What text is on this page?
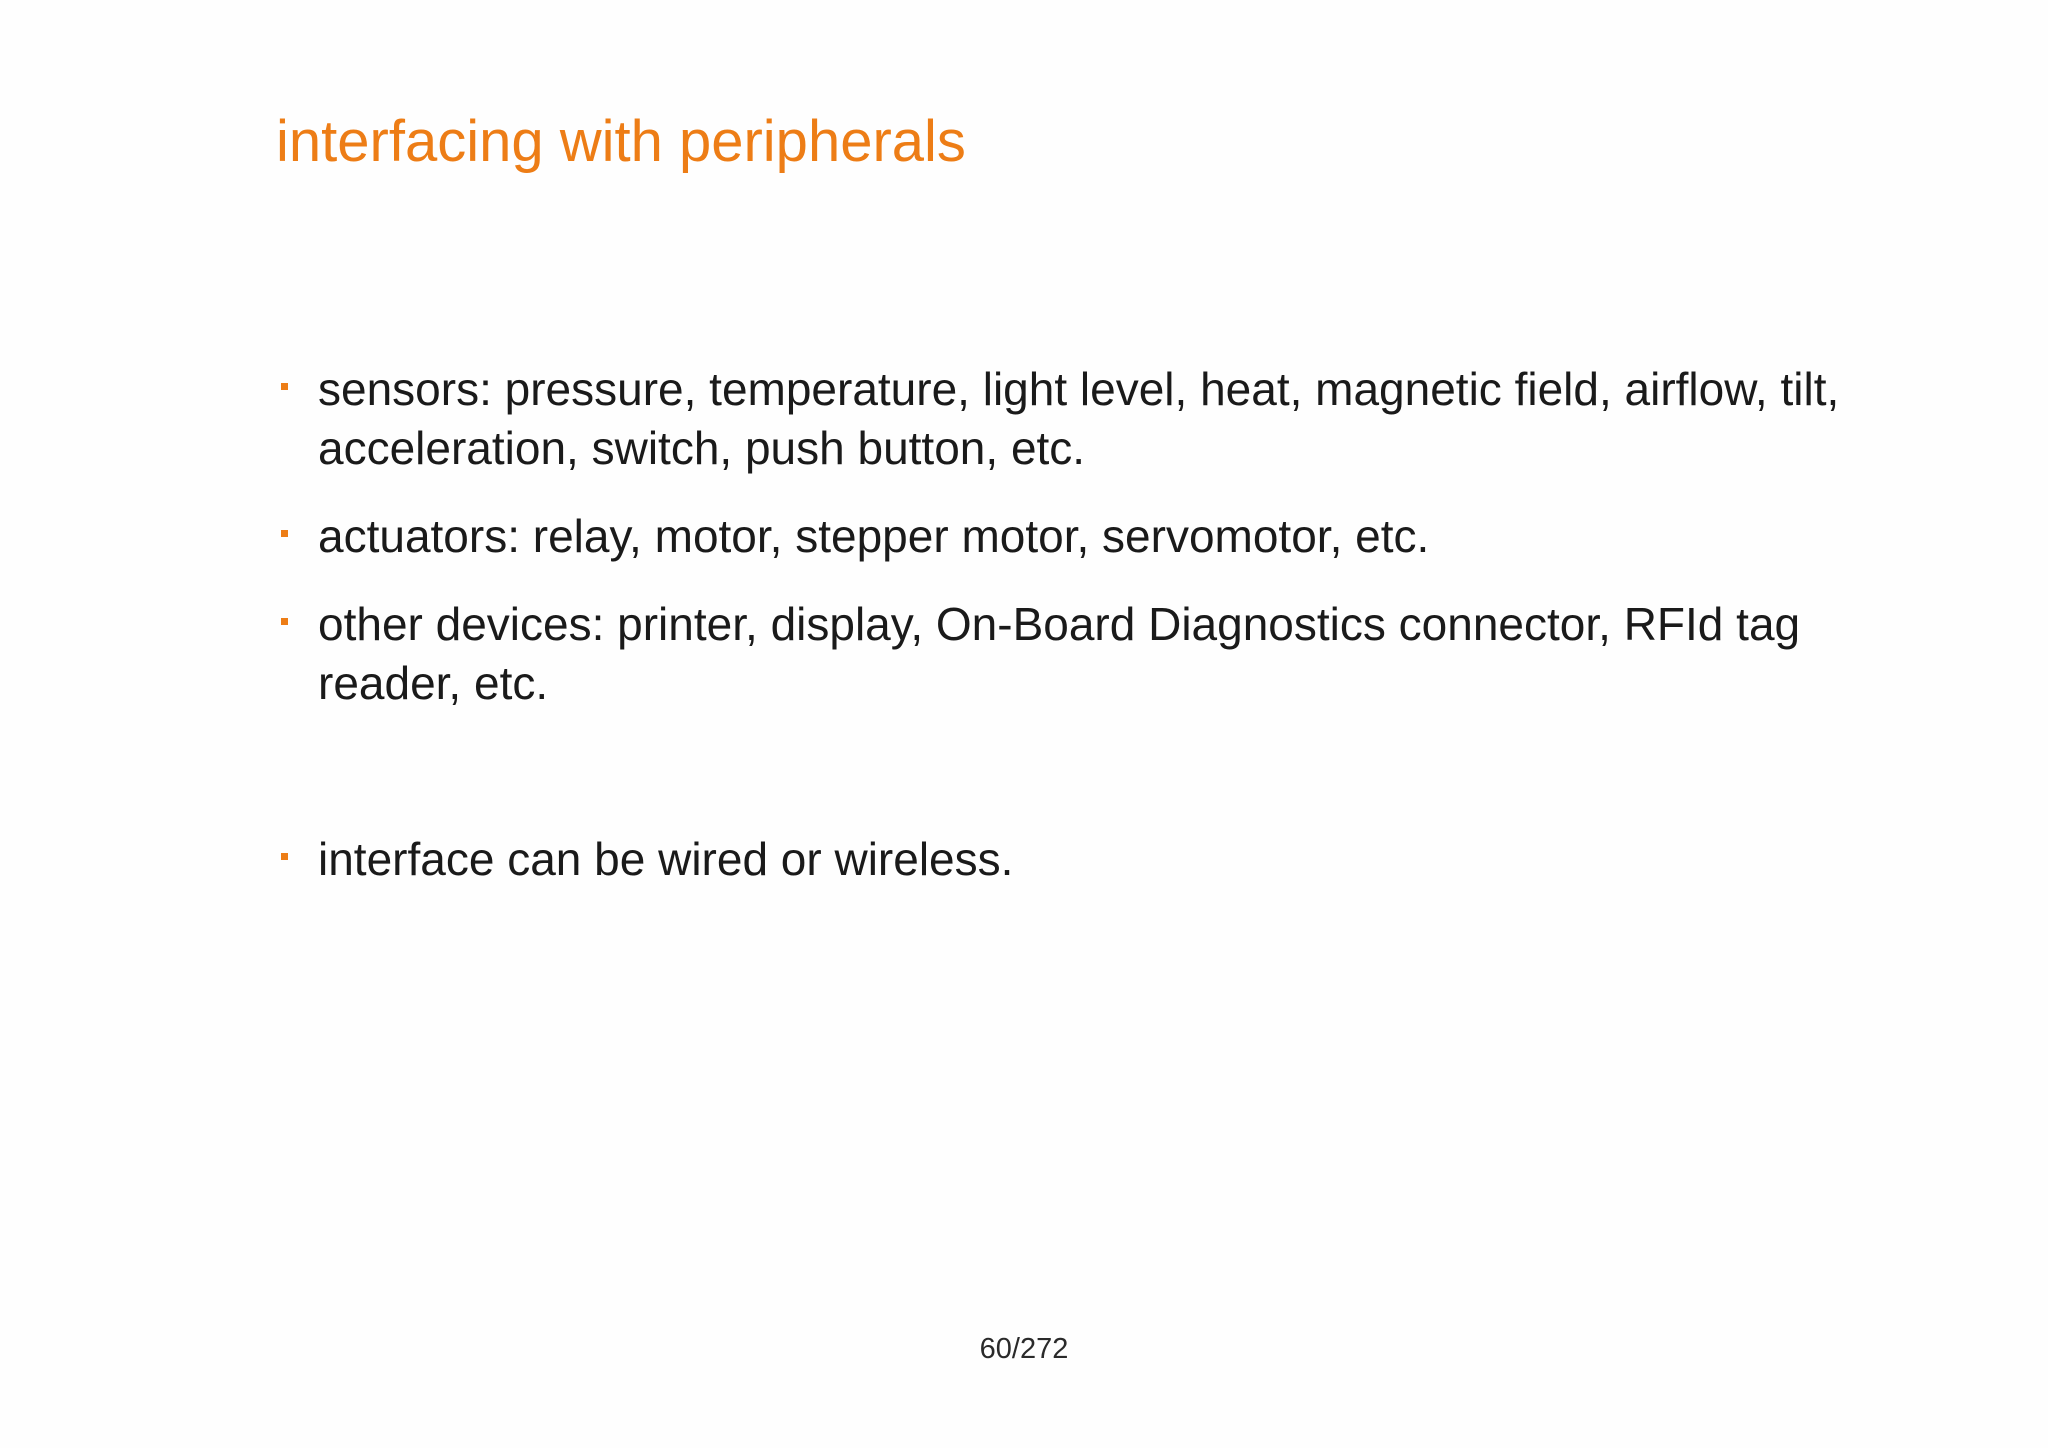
interfacing with peripherals
sensors: pressure, temperature, light level, heat, magnetic field, airflow, tilt, acceleration, switch, push button, etc.
actuators: relay, motor, stepper motor, servomotor, etc.
other devices: printer, display, On-Board Diagnostics connector, RFId tag reader, etc.
interface can be wired or wireless.
60/272
